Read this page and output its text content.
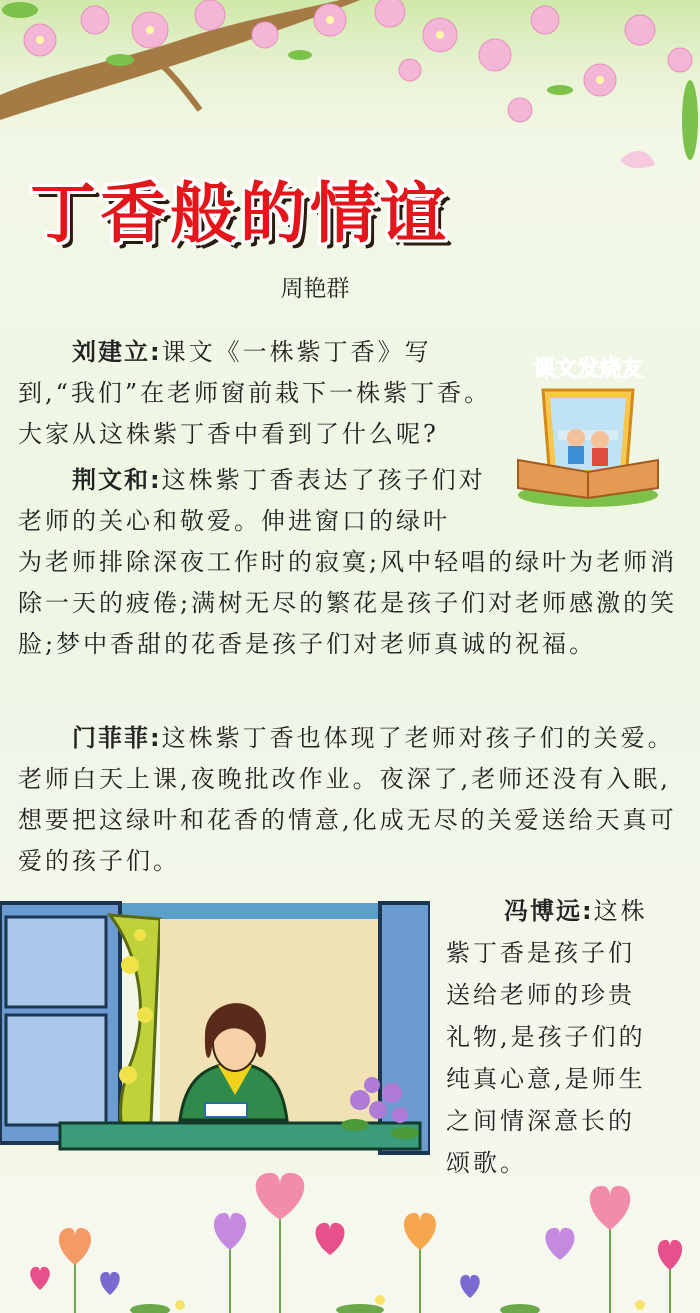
丁香般的情谊
周艳群
课文发烧友

刘建立:课文《一株紫丁香》写到,“我们”在老师窗前栽下一株紫丁香。大家从这株紫丁香中看到了什么呢?

荆文和:这株紫丁香表达了孩子们对老师的关心和敬爱。伸进窗口的绿叶

为老师排除深夜工作时的寂寞;风中轻唱的绿叶为老师消除一天的疲倦;满树无尽的繁花是孩子们对老师感激的笑脸;梦中香甜的花香是孩子们对老师真诚的祝福。

门菲菲:这株紫丁香也体现了老师对孩子们的关爱。老师白天上课,夜晚批改作业。夜深了,老师还没有入眠,想要把这绿叶和花香的情意,化成无尽的关爱送给天真可爱的孩子们。

冯博远:这株
紫丁香是孩子们
送给老师的珍贵
礼物,是孩子们的
纯真心意,是师生
之间情深意长的
颂歌。
